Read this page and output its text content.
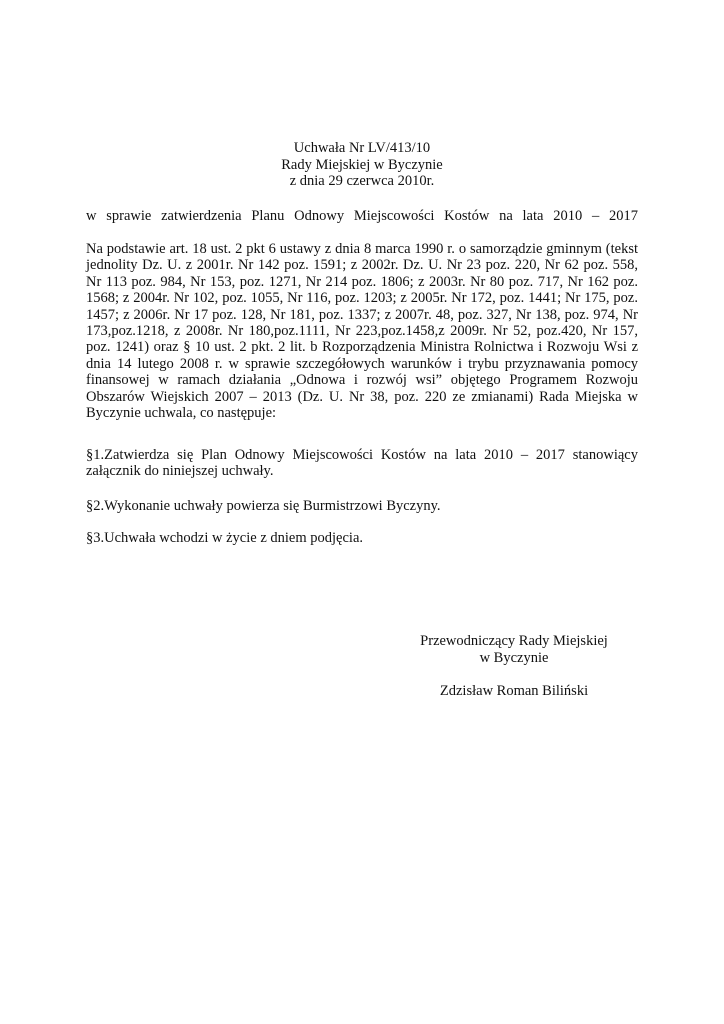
Uchwała Nr LV/413/10
Rady Miejskiej w Byczynie
z dnia 29 czerwca 2010r.
w sprawie zatwierdzenia Planu Odnowy Miejscowości Kostów na lata 2010 – 2017
Na podstawie art. 18 ust. 2 pkt 6 ustawy z dnia 8 marca 1990 r. o samorządzie gminnym (tekst jednolity Dz. U. z 2001r. Nr 142 poz. 1591; z 2002r. Dz. U. Nr 23 poz. 220, Nr 62 poz. 558, Nr 113 poz. 984, Nr 153, poz. 1271, Nr 214 poz. 1806; z 2003r. Nr 80 poz. 717, Nr 162 poz. 1568; z 2004r. Nr 102, poz. 1055, Nr 116, poz. 1203; z 2005r. Nr 172, poz. 1441; Nr 175, poz. 1457; z 2006r. Nr 17 poz. 128, Nr 181, poz. 1337; z 2007r. 48, poz. 327, Nr 138, poz. 974, Nr 173,poz.1218, z 2008r. Nr 180,poz.1111, Nr 223,poz.1458,z 2009r. Nr 52, poz.420, Nr 157, poz. 1241) oraz § 10 ust. 2 pkt. 2 lit. b Rozporządzenia Ministra Rolnictwa i Rozwoju Wsi z dnia 14 lutego 2008 r. w sprawie szczegółowych warunków i trybu przyznawania pomocy finansowej w ramach działania „Odnowa i rozwój wsi” objętego Programem Rozwoju Obszarów Wiejskich 2007 – 2013 (Dz. U. Nr 38, poz. 220 ze zmianami) Rada Miejska w Byczynie uchwala, co następuje:
§1.Zatwierdza się Plan Odnowy Miejscowości Kostów na lata 2010 – 2017 stanowiący załącznik do niniejszej uchwały.
§2.Wykonanie uchwały powierza się Burmistrzowi Byczyny.
§3.Uchwała wchodzi w życie z dniem podjęcia.
Przewodniczący Rady Miejskiej
w Byczynie
Zdzisław Roman Biliński
